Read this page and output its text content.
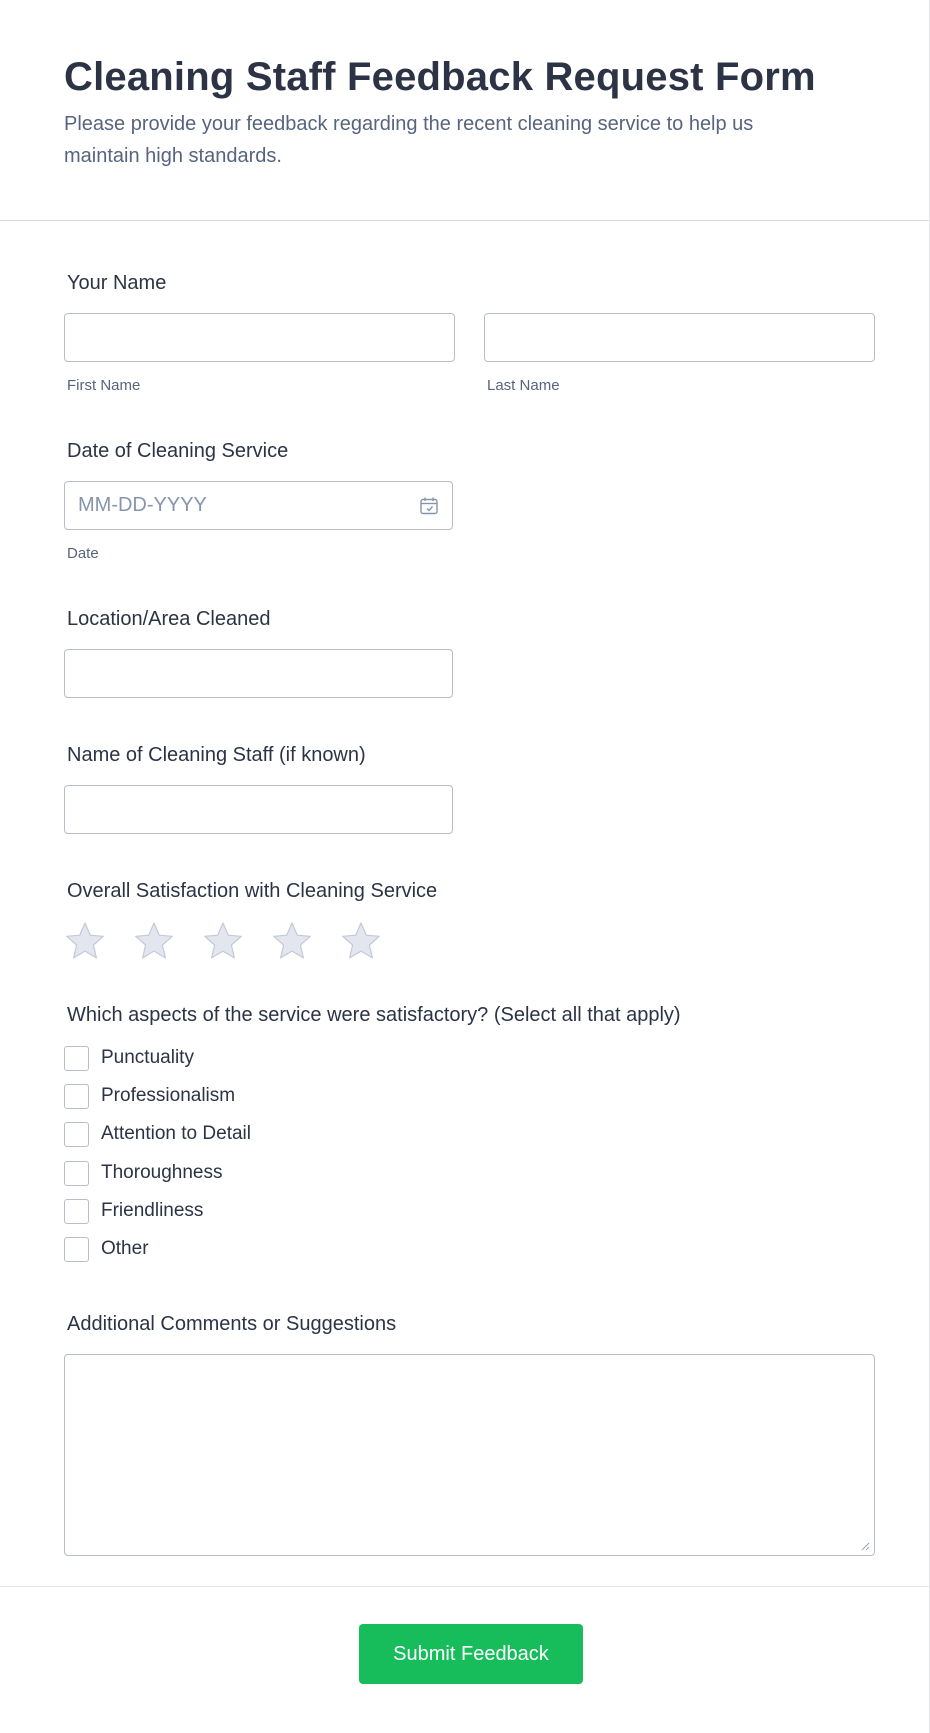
Cleaning Staff Feedback Request Form
Please provide your feedback regarding the recent cleaning service to help us maintain high standards.
Your Name
First Name	Last Name
Date of Cleaning Service
MM-DD-YYYY
Date
Location/Area Cleaned
Name of Cleaning Staff (if known)
Overall Satisfaction with Cleaning Service
Which aspects of the service were satisfactory? (Select all that apply)
Punctuality
Professionalism
Attention to Detail
Thoroughness
Friendliness
Other
Additional Comments or Suggestions
Submit Feedback
